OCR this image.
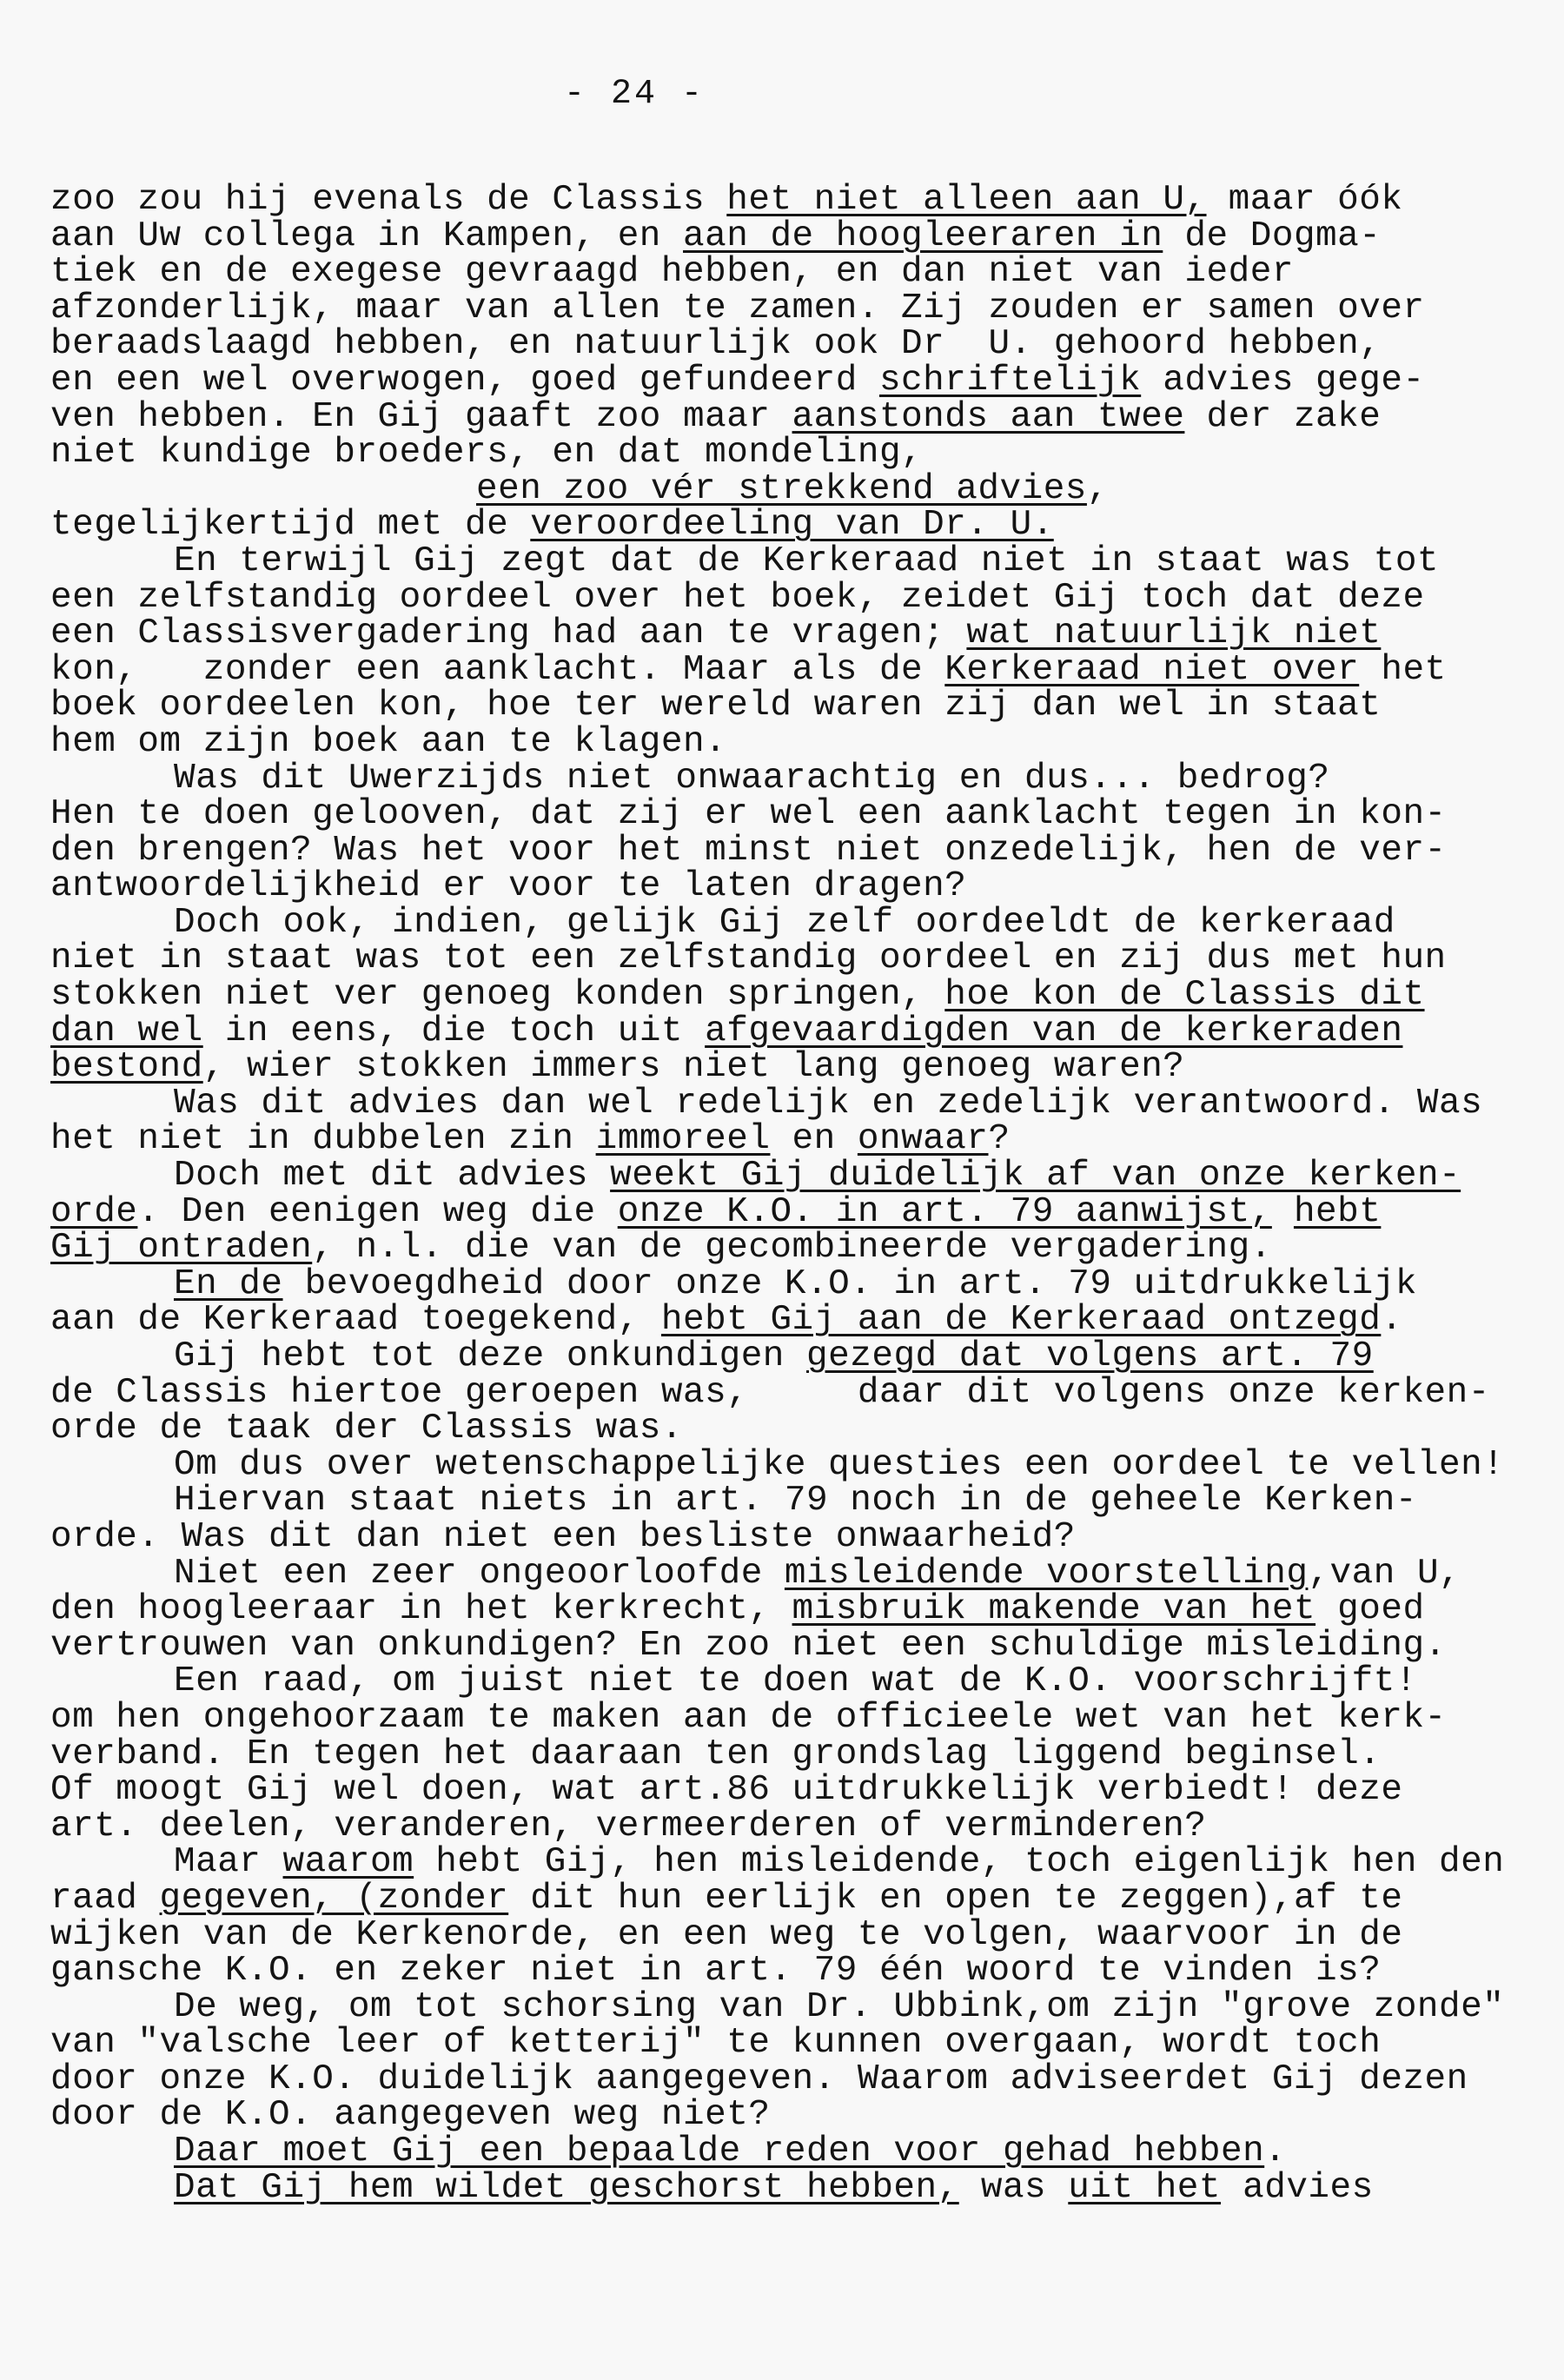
- 24 -
zoo zou hij evenals de Classis het niet alleen aan U, maar óók
aan Uw collega in Kampen, en aan de hoogleeraren in de Dogma-
tiek en de exegese gevraagd hebben, en dan niet van ieder
afzonderlijk, maar van allen te zamen. Zij zouden er samen over
beraadslaagd hebben, en natuurlijk ook Dr  U. gehoord hebben,
en een wel overwogen, goed gefundeerd schriftelijk advies gege-
ven hebben. En Gij gaaft zoo maar aanstonds aan twee der zake
niet kundige broeders, en dat mondeling,
een zoo vér strekkend advies,
tegelijkertijd met de veroordeeling van Dr. U.
En terwijl Gij zegt dat de Kerkeraad niet in staat was tot
een zelfstandig oordeel over het boek, zeidet Gij toch dat deze
een Classisvergadering had aan te vragen; wat natuurlijk niet
kon,   zonder een aanklacht. Maar als de Kerkeraad niet over het
boek oordeelen kon, hoe ter wereld waren zij dan wel in staat
hem om zijn boek aan te klagen.
Was dit Uwerzijds niet onwaarachtig en dus... bedrog?
Hen te doen gelooven, dat zij er wel een aanklacht tegen in kon-
den brengen? Was het voor het minst niet onzedelijk, hen de ver-
antwoordelijkheid er voor te laten dragen?
Doch ook, indien, gelijk Gij zelf oordeeldt de kerkeraad
niet in staat was tot een zelfstandig oordeel en zij dus met hun
stokken niet ver genoeg konden springen, hoe kon de Classis dit
dan wel in eens, die toch uit afgevaardigden van de kerkeraden
bestond, wier stokken immers niet lang genoeg waren?
Was dit advies dan wel redelijk en zedelijk verantwoord. Was
het niet in dubbelen zin immoreel en onwaar?
Doch met dit advies weekt Gij duidelijk af van onze kerken-
orde. Den eenigen weg die onze K.O. in art. 79 aanwijst, hebt
Gij ontraden, n.l. die van de gecombineerde vergadering.
En de bevoegdheid door onze K.O. in art. 79 uitdrukkelijk
aan de Kerkeraad toegekend, hebt Gij aan de Kerkeraad ontzegd.
Gij hebt tot deze onkundigen gezegd dat volgens art. 79
de Classis hiertoe geroepen was,     daar dit volgens onze kerken-
orde de taak der Classis was.
Om dus over wetenschappelijke questies een oordeel te vellen!
Hiervan staat niets in art. 79 noch in de geheele Kerken-
orde. Was dit dan niet een besliste onwaarheid?
Niet een zeer ongeoorloofde misleidende voorstelling,van U,
den hoogleeraar in het kerkrecht, misbruik makende van het goed
vertrouwen van onkundigen? En zoo niet een schuldige misleiding.
Een raad, om juist niet te doen wat de K.O. voorschrijft!
om hen ongehoorzaam te maken aan de officieele wet van het kerk-
verband. En tegen het daaraan ten grondslag liggend beginsel.
Of moogt Gij wel doen, wat art.86 uitdrukkelijk verbiedt! deze
art. deelen, veranderen, vermeerderen of verminderen?
Maar waarom hebt Gij, hen misleidende, toch eigenlijk hen den
raad gegeven, (zonder dit hun eerlijk en open te zeggen),af te
wijken van de Kerkenorde, en een weg te volgen, waarvoor in de
gansche K.O. en zeker niet in art. 79 één woord te vinden is?
De weg, om tot schorsing van Dr. Ubbink,om zijn "grove zonde"
van "valsche leer of ketterij" te kunnen overgaan, wordt toch
door onze K.O. duidelijk aangegeven. Waarom adviseerdet Gij dezen
door de K.O. aangegeven weg niet?
Daar moet Gij een bepaalde reden voor gehad hebben.
Dat Gij hem wildet geschorst hebben, was uit het advies
